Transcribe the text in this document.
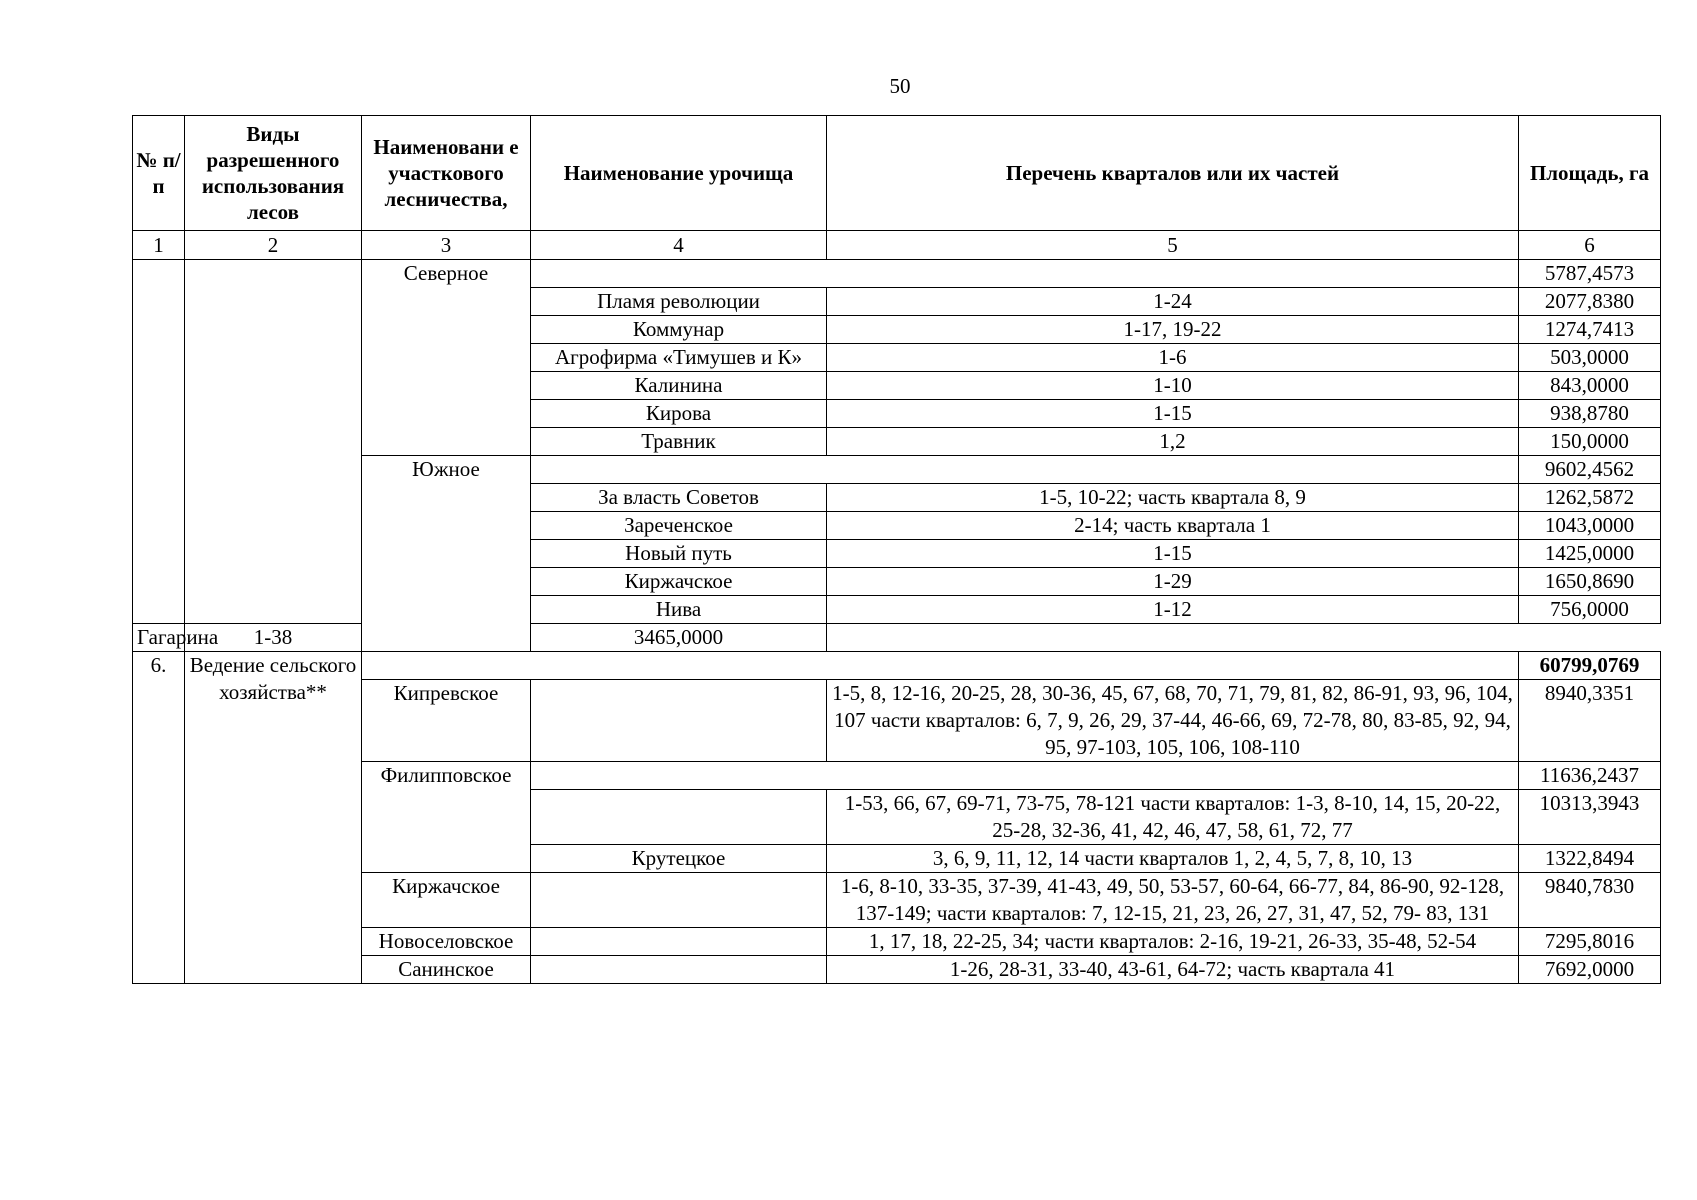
50
№ п/п	Виды разрешенного использования лесов	Наименовани е участкового лесничества,	Наименование урочища	Перечень кварталов или их частей	Площадь, га
1	2	3	4	5	6
		Северное			5787,4573
			Пламя революции	1-24	2077,8380
			Коммунар	1-17, 19-22	1274,7413
			Агрофирма «Тимушев и К»	1-6	503,0000
			Калинина	1-10	843,0000
			Кирова	1-15	938,8780
			Травник	1,2	150,0000
		Южное			9602,4562
			За власть Советов	1-5, 10-22; часть квартала 8, 9	1262,5872
			Зареченское	2-14; часть квартала 1	1043,0000
			Новый путь	1-15	1425,0000
			Киржачское	1-29	1650,8690
			Нива	1-12	756,0000
Гагарина	1-38		3465,0000		
6.	Ведение сельского хозяйства**				60799,0769
		Кипревское		1-5, 8, 12-16, 20-25, 28, 30-36, 45, 67, 68, 70, 71, 79, 81, 82, 86-91, 93, 96, 104, 107 части кварталов: 6, 7, 9, 26, 29, 37-44, 46-66, 69, 72-78, 80, 83-85, 92, 94, 95, 97-103, 105, 106, 108-110	8940,3351
		Филипповское			11636,2437
				1-53, 66, 67, 69-71, 73-75, 78-121 части кварталов: 1-3, 8-10, 14, 15, 20-22, 25-28, 32-36, 41, 42, 46, 47, 58, 61, 72, 77	10313,3943
			Крутецкое	3, 6, 9, 11, 12, 14 части кварталов 1, 2, 4, 5, 7, 8, 10, 13	1322,8494
		Киржачское		1-6, 8-10, 33-35, 37-39, 41-43, 49, 50, 53-57, 60-64, 66-77, 84, 86-90, 92-128, 137-149; части кварталов: 7, 12-15, 21, 23, 26, 27, 31, 47, 52, 79- 83, 131	9840,7830
		Новоселовское		1, 17, 18, 22-25, 34; части кварталов: 2-16, 19-21, 26-33, 35-48, 52-54	7295,8016
		Санинское		1-26, 28-31, 33-40, 43-61, 64-72; часть квартала 41	7692,0000
